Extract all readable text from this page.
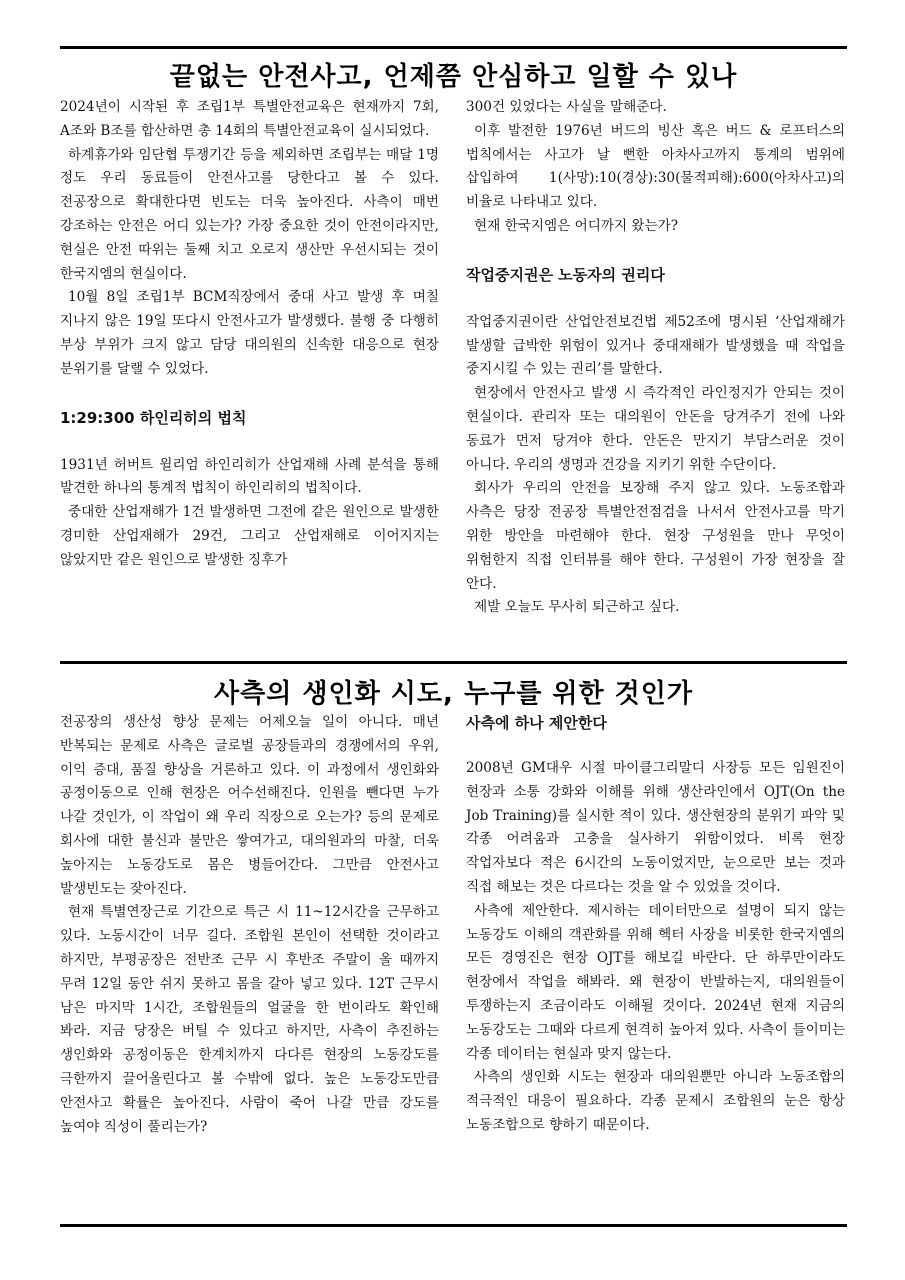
끝없는 안전사고, 언제쯤 안심하고 일할 수 있나

2024년이 시작된 후 조립1부 특별안전교육은 현재까지 7회, A조와 B조를 합산하면 총 14회의 특별안전교육이 실시되었다.

하계휴가와 임단협 투쟁기간 등을 제외하면 조립부는 매달 1명 정도 우리 동료들이 안전사고를 당한다고 볼 수 있다. 전공장으로 확대한다면 빈도는 더욱 높아진다. 사측이 매번 강조하는 안전은 어디 있는가? 가장 중요한 것이 안전이라지만, 현실은 안전 따위는 둘째 치고 오로지 생산만 우선시되는 것이 한국지엠의 현실이다.

10월 8일 조립1부 BCM직장에서 중대 사고 발생 후 며칠 지나지 않은 19일 또다시 안전사고가 발생했다. 불행 중 다행히 부상 부위가 크지 않고 담당 대의원의 신속한 대응으로 현장 분위기를 달랠 수 있었다.

1:29:300 하인리히의 법칙

1931년 허버트 윌리엄 하인리히가 산업재해 사례 분석을 통해 발견한 하나의 통계적 법칙이 하인리히의 법칙이다.

중대한 산업재해가 1건 발생하면 그전에 같은 원인으로 발생한 경미한 산업재해가 29건, 그리고 산업재해로 이어지지는 않았지만 같은 원인으로 발생한 징후가

300건 있었다는 사실을 말해준다.

이후 발전한 1976년 버드의 빙산 혹은 버드 & 로프터스의 법칙에서는 사고가 날 뻔한 아차사고까지 통계의 범위에 삽입하여 1(사망):10(경상):30(물적피해):600(아차사고)의 비율로 나타내고 있다.

현재 한국지엠은 어디까지 왔는가?

작업중지권은 노동자의 권리다

작업중지권이란 산업안전보건법 제52조에 명시된 ‘산업재해가 발생할 급박한 위험이 있거나 중대재해가 발생했을 때 작업을 중지시킬 수 있는 권리’를 말한다.

현장에서 안전사고 발생 시 즉각적인 라인정지가 안되는 것이 현실이다. 관리자 또는 대의원이 안돈을 당겨주기 전에 나와 동료가 먼저 당겨야 한다. 안돈은 만지기 부담스러운 것이 아니다. 우리의 생명과 건강을 지키기 위한 수단이다.

회사가 우리의 안전을 보장해 주지 않고 있다. 노동조합과 사측은 당장 전공장 특별안전점검을 나서서 안전사고를 막기 위한 방안을 마련해야 한다. 현장 구성원을 만나 무엇이 위험한지 직접 인터뷰를 해야 한다. 구성원이 가장 현장을 잘 안다.

제발 오늘도 무사히 퇴근하고 싶다.

사측의 생인화 시도, 누구를 위한 것인가

전공장의 생산성 향상 문제는 어제오늘 일이 아니다. 매년 반복되는 문제로 사측은 글로벌 공장들과의 경쟁에서의 우위, 이익 증대, 품질 향상을 거론하고 있다. 이 과정에서 생인화와 공정이동으로 인해 현장은 어수선해진다. 인원을 뺀다면 누가 나갈 것인가, 이 작업이 왜 우리 직장으로 오는가? 등의 문제로 회사에 대한 불신과 불만은 쌓여가고, 대의원과의 마찰, 더욱 높아지는 노동강도로 몸은 병들어간다. 그만큼 안전사고 발생빈도는 잦아진다.

현재 특별연장근로 기간으로 특근 시 11~12시간을 근무하고 있다. 노동시간이 너무 길다. 조합원 본인이 선택한 것이라고 하지만, 부평공장은 전반조 근무 시 후반조 주말이 올 때까지 무려 12일 동안 쉬지 못하고 몸을 갈아 넣고 있다. 12T 근무시 남은 마지막 1시간, 조합원들의 얼굴을 한 번이라도 확인해 봐라. 지금 당장은 버틸 수 있다고 하지만, 사측이 추진하는 생인화와 공정이동은 한계치까지 다다른 현장의 노동강도를 극한까지 끌어올린다고 볼 수밖에 없다. 높은 노동강도만큼 안전사고 확률은 높아진다. 사람이 죽어 나갈 만큼 강도를 높여야 직성이 풀리는가?

사측에 하나 제안한다

2008년 GM대우 시절 마이클그리말디 사장등 모든 임원진이 현장과 소통 강화와 이해를 위해 생산라인에서 OJT(On the Job Training)를 실시한 적이 있다. 생산현장의 분위기 파악 및 각종 어려움과 고충을 실사하기 위함이었다. 비록 현장 작업자보다 적은 6시간의 노동이었지만, 눈으로만 보는 것과 직접 해보는 것은 다르다는 것을 알 수 있었을 것이다.

사측에 제안한다. 제시하는 데이터만으로 설명이 되지 않는 노동강도 이해의 객관화를 위해 헥터 사장을 비롯한 한국지엠의 모든 경영진은 현장 OJT를 해보길 바란다. 단 하루만이라도 현장에서 작업을 해봐라. 왜 현장이 반발하는지, 대의원들이 투쟁하는지 조금이라도 이해될 것이다. 2024년 현재 지금의 노동강도는 그때와 다르게 현격히 높아져 있다. 사측이 들이미는 각종 데이터는 현실과 맞지 않는다.

사측의 생인화 시도는 현장과 대의원뿐만 아니라 노동조합의 적극적인 대응이 필요하다. 각종 문제시 조합원의 눈은 항상 노동조합으로 향하기 때문이다.
